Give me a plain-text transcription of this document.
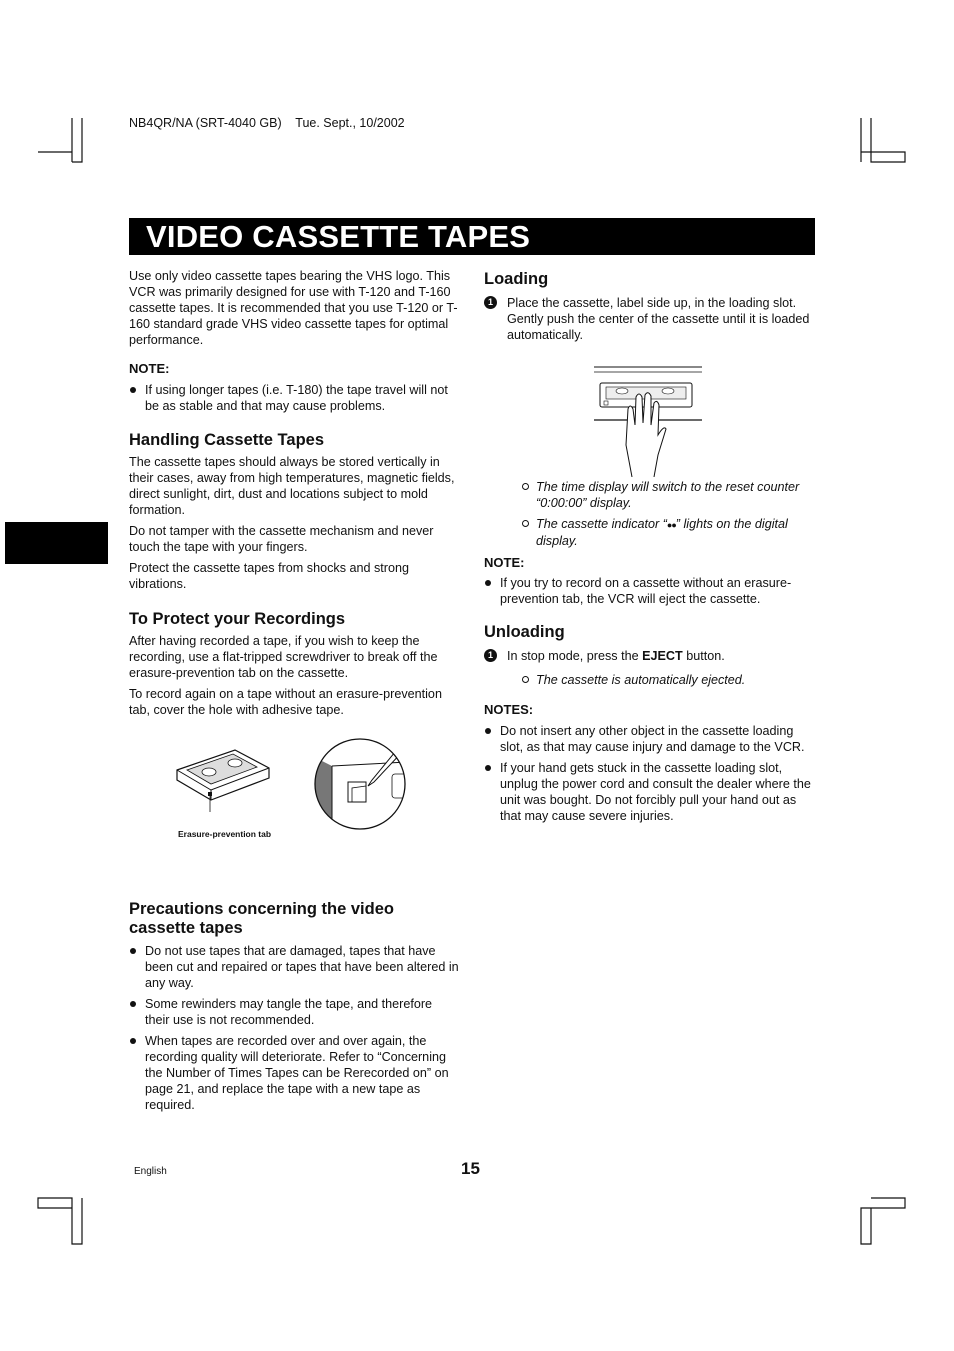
NB4QR/NA (SRT-4040 GB) Tue. Sept., 10/2002
VIDEO CASSETTE TAPES

Use only video cassette tapes bearing the VHS logo. This VCR was primarily designed for use with T-120 and T-160 cassette tapes. It is recommended that you use T-120 or T-160 standard grade VHS video cassette tapes for optimal performance.

NOTE:
If using longer tapes (i.e. T-180) the tape travel will not be as stable and that may cause problems.
Handling Cassette Tapes

The cassette tapes should always be stored vertically in their cases, away from high temperatures, magnetic fields, direct sunlight, dirt, dust and locations subject to mold formation.

Do not tamper with the cassette mechanism and never touch the tape with your fingers.

Protect the cassette tapes from shocks and strong vibrations.

To Protect your Recordings

After having recorded a tape, if you wish to keep the recording, use a flat-tripped screwdriver to break off the erasure-prevention tab on the cassette.

To record again on a tape without an erasure-prevention tab, cover the hole with adhesive tape.

Erasure-prevention tab
Precautions concerning the video
cassette tapes
Do not use tapes that are damaged, tapes that have been cut and repaired or tapes that have been altered in any way.
Some rewinders may tangle the tape, and therefore their use is not recommended.
When tapes are recorded over and over again, the recording quality will deteriorate. Refer to “Concerning the Number of Times Tapes can be Rerecorded on” on page 21, and replace the tape with a new tape as required.
Loading
1	Place the cassette, label side up, in the loading slot. Gently push the center of the cassette until it is loaded automatically.
The time display will switch to the reset counter “0:00:00” display.
The cassette indicator “●●” lights on the digital display.
NOTE:
If you try to record on a cassette without an erasure-prevention tab, the VCR will eject the cassette.
Unloading
1	In stop mode, press the EJECT button.
The cassette is automatically ejected.
NOTES:
Do not insert any other object in the cassette loading slot, as that may cause injury and damage to the VCR.
If your hand gets stuck in the cassette loading slot, unplug the power cord and consult the dealer where the unit was bought. Do not forcibly pull your hand out as that may cause severe injuries.
English	15
